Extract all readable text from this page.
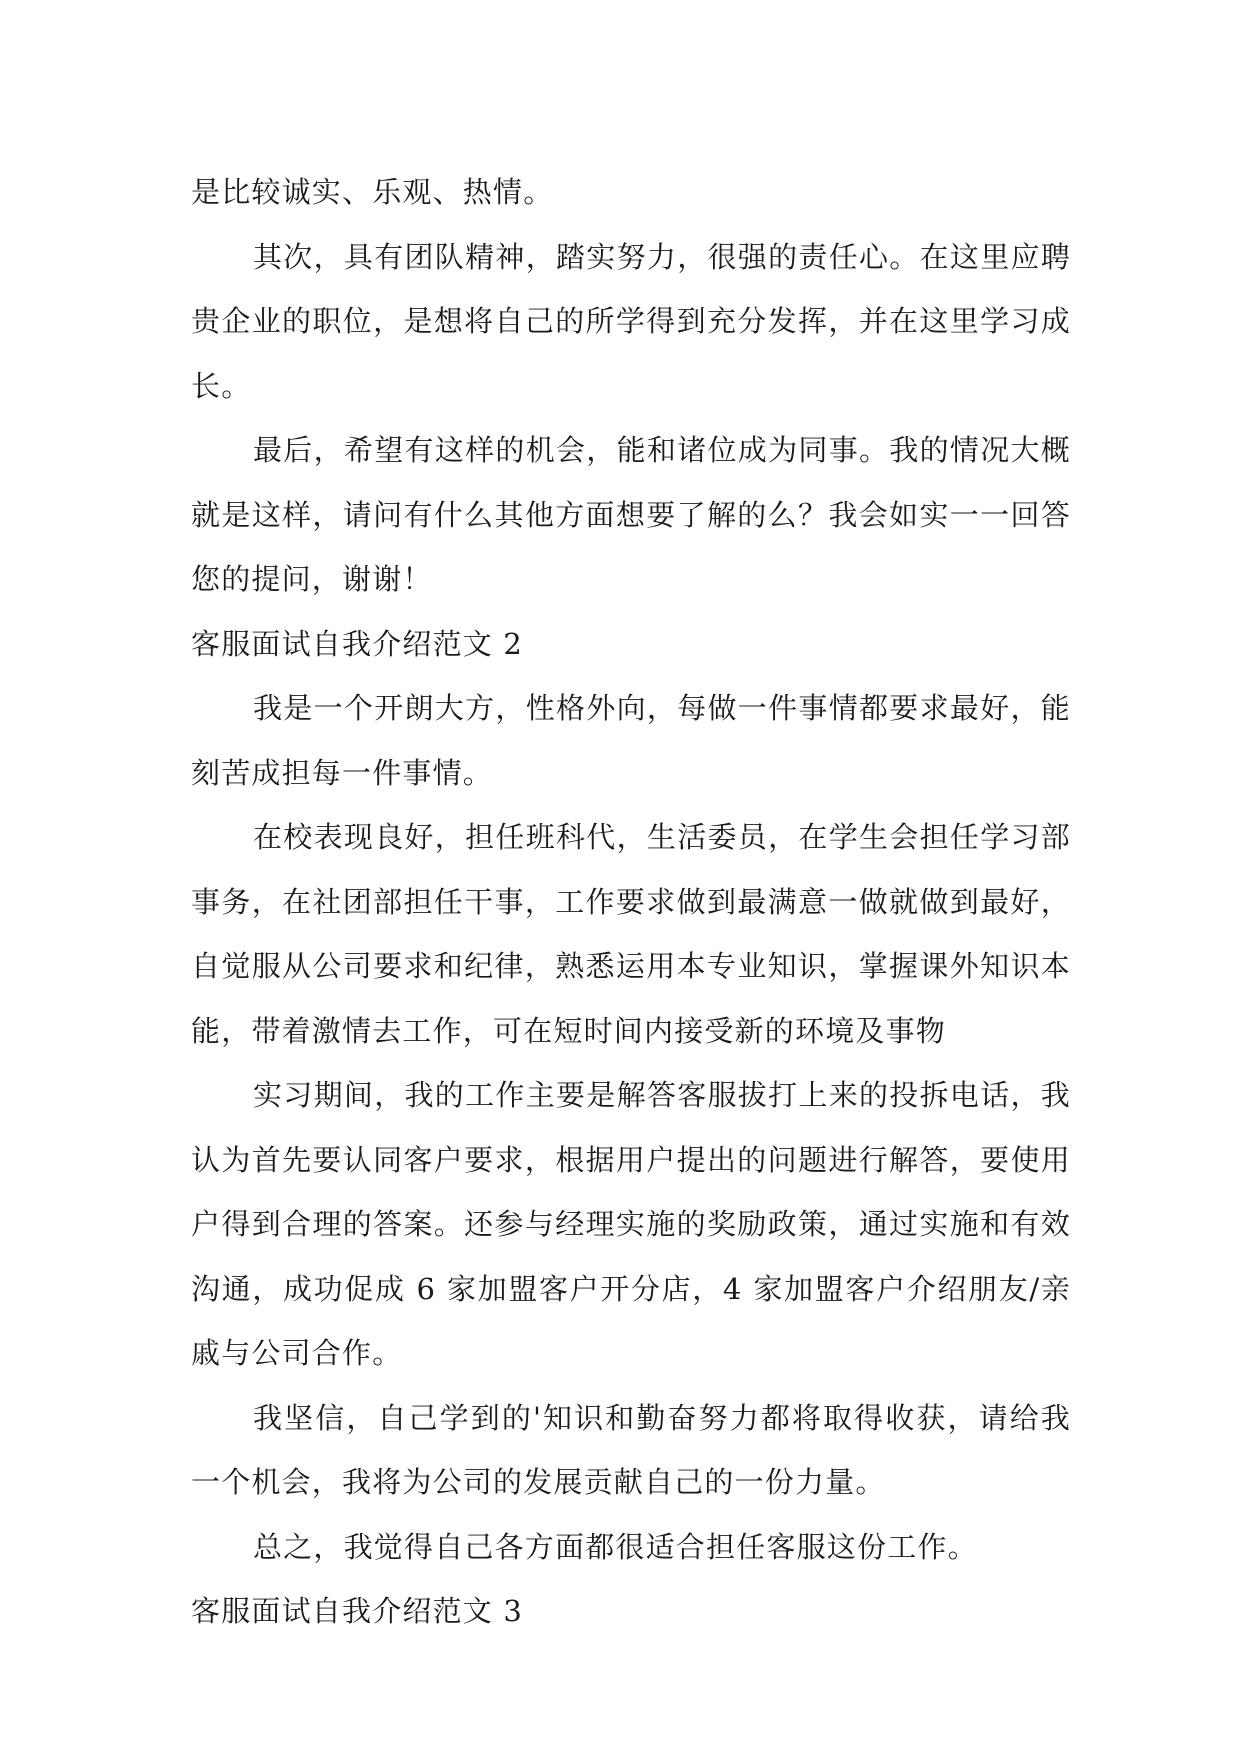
是比较诚实、乐观、热情。

其次，具有团队精神，踏实努力，很强的责任心。在这里应聘贵企业的职位，是想将自己的所学得到充分发挥，并在这里学习成长。

最后，希望有这样的机会，能和诸位成为同事。我的情况大概就是这样，请问有什么其他方面想要了解的么？我会如实一一回答您的提问，谢谢！

客服面试自我介绍范文 2

我是一个开朗大方，性格外向，每做一件事情都要求最好，能刻苦成担每一件事情。

在校表现良好，担任班科代，生活委员，在学生会担任学习部事务，在社团部担任干事，工作要求做到最满意一做就做到最好，自觉服从公司要求和纪律，熟悉运用本专业知识，掌握课外知识本能，带着激情去工作，可在短时间内接受新的环境及事物

实习期间，我的工作主要是解答客服拔打上来的投拆电话，我认为首先要认同客户要求，根据用户提出的问题进行解答，要使用户得到合理的答案。还参与经理实施的奖励政策，通过实施和有效沟通，成功促成 6 家加盟客户开分店，4 家加盟客户介绍朋友/亲戚与公司合作。

我坚信，自己学到的'知识和勤奋努力都将取得收获，请给我一个机会，我将为公司的发展贡献自己的一份力量。

总之，我觉得自己各方面都很适合担任客服这份工作。

客服面试自我介绍范文 3
